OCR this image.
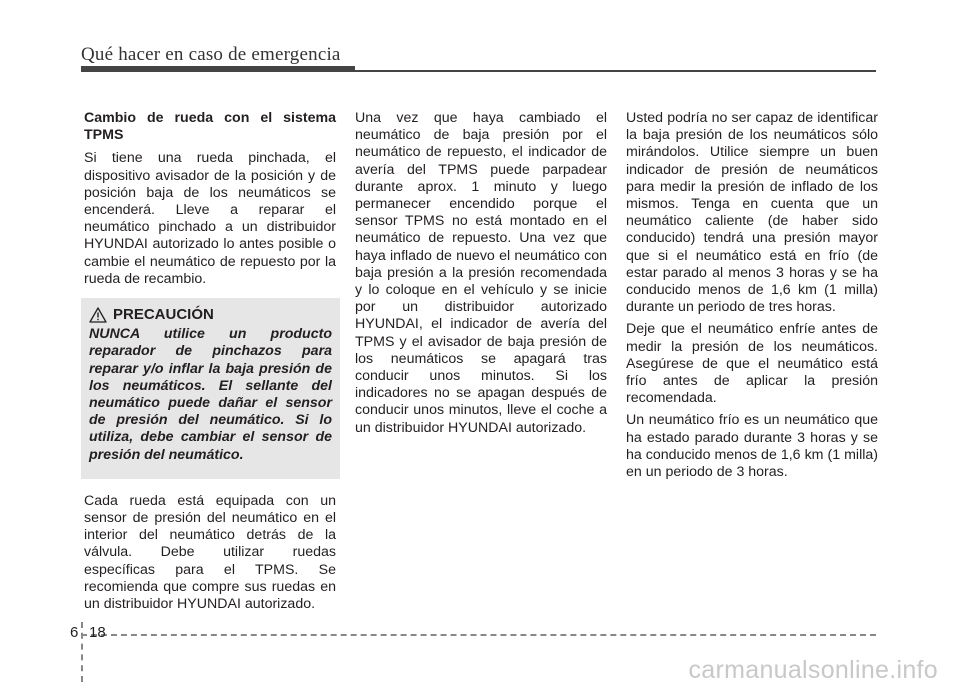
Qué hacer en caso de emergencia

Cambio de rueda con el sistema TPMS

Si tiene una rueda pinchada, el dispositivo avisador de la posición y de posición baja de los neumáticos se encenderá. Lleve a reparar el neumático pinchado a un distribuidor HYUNDAI autorizado lo antes posible o cambie el neumático de repuesto por la rueda de recambio.

PRECAUCIÓN

NUNCA utilice un producto reparador de pinchazos para reparar y/o inflar la baja presión de los neumáticos. El sellante del neumático puede dañar el sensor de presión del neumático. Si lo utiliza, debe cambiar el sensor de presión del neumático.

Cada rueda está equipada con un sensor de presión del neumático en el interior del neumático detrás de la válvula. Debe utilizar ruedas específicas para el TPMS. Se recomienda que compre sus ruedas en un distribuidor HYUNDAI autorizado.

Una vez que haya cambiado el neumático de baja presión por el neumático de repuesto, el indicador de avería del TPMS puede parpadear durante aprox. 1 minuto y luego permanecer encendido porque el sensor TPMS no está montado en el neumático de repuesto. Una vez que haya inflado de nuevo el neumático con baja presión a la presión recomendada y lo coloque en el vehículo y se inicie por un distribuidor autorizado HYUNDAI, el indicador de avería del TPMS y el avisador de baja presión de los neumáticos se apagará tras conducir unos minutos. Si los indicadores no se apagan después de conducir unos minutos, lleve el coche a un distribuidor HYUNDAI autorizado.

Usted podría no ser capaz de identificar la baja presión de los neumáticos sólo mirándolos. Utilice siempre un buen indicador de presión de neumáticos para medir la presión de inflado de los mismos. Tenga en cuenta que un neumático caliente (de haber sido conducido) tendrá una presión mayor que si el neumático está en frío (de estar parado al menos 3 horas y se ha conducido menos de 1,6 km (1 milla) durante un periodo de tres horas.

Deje que el neumático enfríe antes de medir la presión de los neumáticos. Asegúrese de que el neumático está frío antes de aplicar la presión recomendada.

Un neumático frío es un neumático que ha estado parado durante 3 horas y se ha conducido menos de 1,6 km (1 milla) en un periodo de 3 horas.

6 18
carmanualsonline.info
